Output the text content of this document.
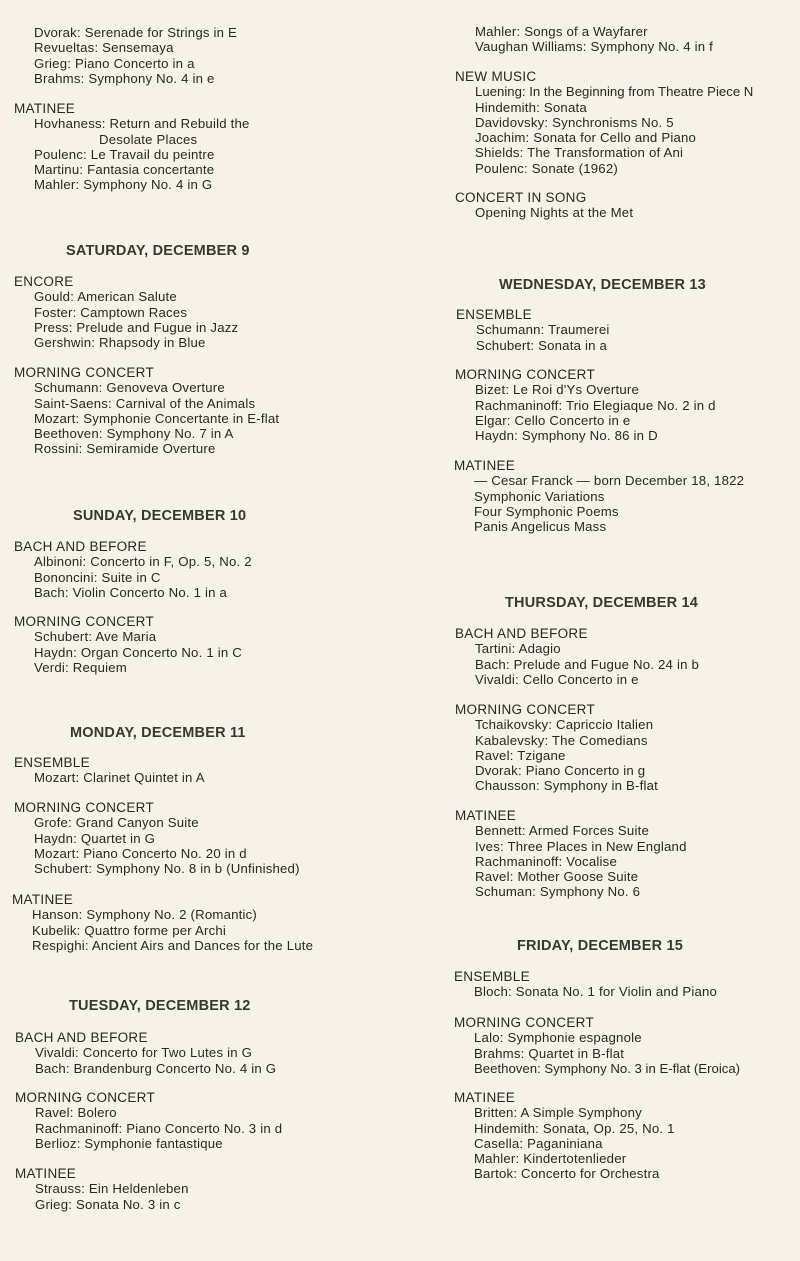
Dvorak: Serenade for Strings in E
Revueltas: Sensemaya
Grieg: Piano Concerto in a
Brahms: Symphony No. 4 in e

MATINEE

Hovhaness: Return and Rebuild the
Desolate Places
Poulenc: Le Travail du peintre
Martinu: Fantasia concertante
Mahler: Symphony No. 4 in G

SATURDAY, DECEMBER 9

ENCORE

Gould: American Salute
Foster: Camptown Races
Press: Prelude and Fugue in Jazz
Gershwin: Rhapsody in Blue

MORNING CONCERT

Schumann: Genoveva Overture
Saint-Saens: Carnival of the Animals
Mozart: Symphonie Concertante in E-flat
Beethoven: Symphony No. 7 in A
Rossini: Semiramide Overture

SUNDAY, DECEMBER 10

BACH AND BEFORE

Albinoni: Concerto in F, Op. 5, No. 2
Bononcini: Suite in C
Bach: Violin Concerto No. 1 in a

MORNING CONCERT

Schubert: Ave Maria
Haydn: Organ Concerto No. 1 in C
Verdi: Requiem

MONDAY, DECEMBER 11

ENSEMBLE

Mozart: Clarinet Quintet in A

MORNING CONCERT

Grofe: Grand Canyon Suite
Haydn: Quartet in G
Mozart: Piano Concerto No. 20 in d
Schubert: Symphony No. 8 in b (Unfinished)

MATINEE

Hanson: Symphony No. 2 (Romantic)
Kubelik: Quattro forme per Archi
Respighi: Ancient Airs and Dances for the Lute

TUESDAY, DECEMBER 12

BACH AND BEFORE

Vivaldi: Concerto for Two Lutes in G
Bach: Brandenburg Concerto No. 4 in G

MORNING CONCERT

Ravel: Bolero
Rachmaninoff: Piano Concerto No. 3 in d
Berlioz: Symphonie fantastique

MATINEE

Strauss: Ein Heldenleben
Grieg: Sonata No. 3 in c
Mahler: Songs of a Wayfarer
Vaughan Williams: Symphony No. 4 in f

NEW MUSIC

Luening: In the Beginning from Theatre Piece N
Hindemith: Sonata
Davidovsky: Synchronisms No. 5
Joachim: Sonata for Cello and Piano
Shields: The Transformation of Ani
Poulenc: Sonate (1962)

CONCERT IN SONG

Opening Nights at the Met

WEDNESDAY, DECEMBER 13

ENSEMBLE

Schumann: Traumerei
Schubert: Sonata in a

MORNING CONCERT

Bizet: Le Roi d'Ys Overture
Rachmaninoff: Trio Elegiaque No. 2 in d
Elgar: Cello Concerto in e
Haydn: Symphony No. 86 in D

MATINEE

— Cesar Franck — born December 18, 1822
Symphonic Variations
Four Symphonic Poems
Panis Angelicus Mass

THURSDAY, DECEMBER 14

BACH AND BEFORE

Tartini: Adagio
Bach: Prelude and Fugue No. 24 in b
Vivaldi: Cello Concerto in e

MORNING CONCERT

Tchaikovsky: Capriccio Italien
Kabalevsky: The Comedians
Ravel: Tzigane
Dvorak: Piano Concerto in g
Chausson: Symphony in B-flat

MATINEE

Bennett: Armed Forces Suite
Ives: Three Places in New England
Rachmaninoff: Vocalise
Ravel: Mother Goose Suite
Schuman: Symphony No. 6

FRIDAY, DECEMBER 15

ENSEMBLE

Bloch: Sonata No. 1 for Violin and Piano

MORNING CONCERT

Lalo: Symphonie espagnole
Brahms: Quartet in B-flat
Beethoven: Symphony No. 3 in E-flat (Eroica)

MATINEE

Britten: A Simple Symphony
Hindemith: Sonata, Op. 25, No. 1
Casella: Paganiniana
Mahler: Kindertotenlieder
Bartok: Concerto for Orchestra
